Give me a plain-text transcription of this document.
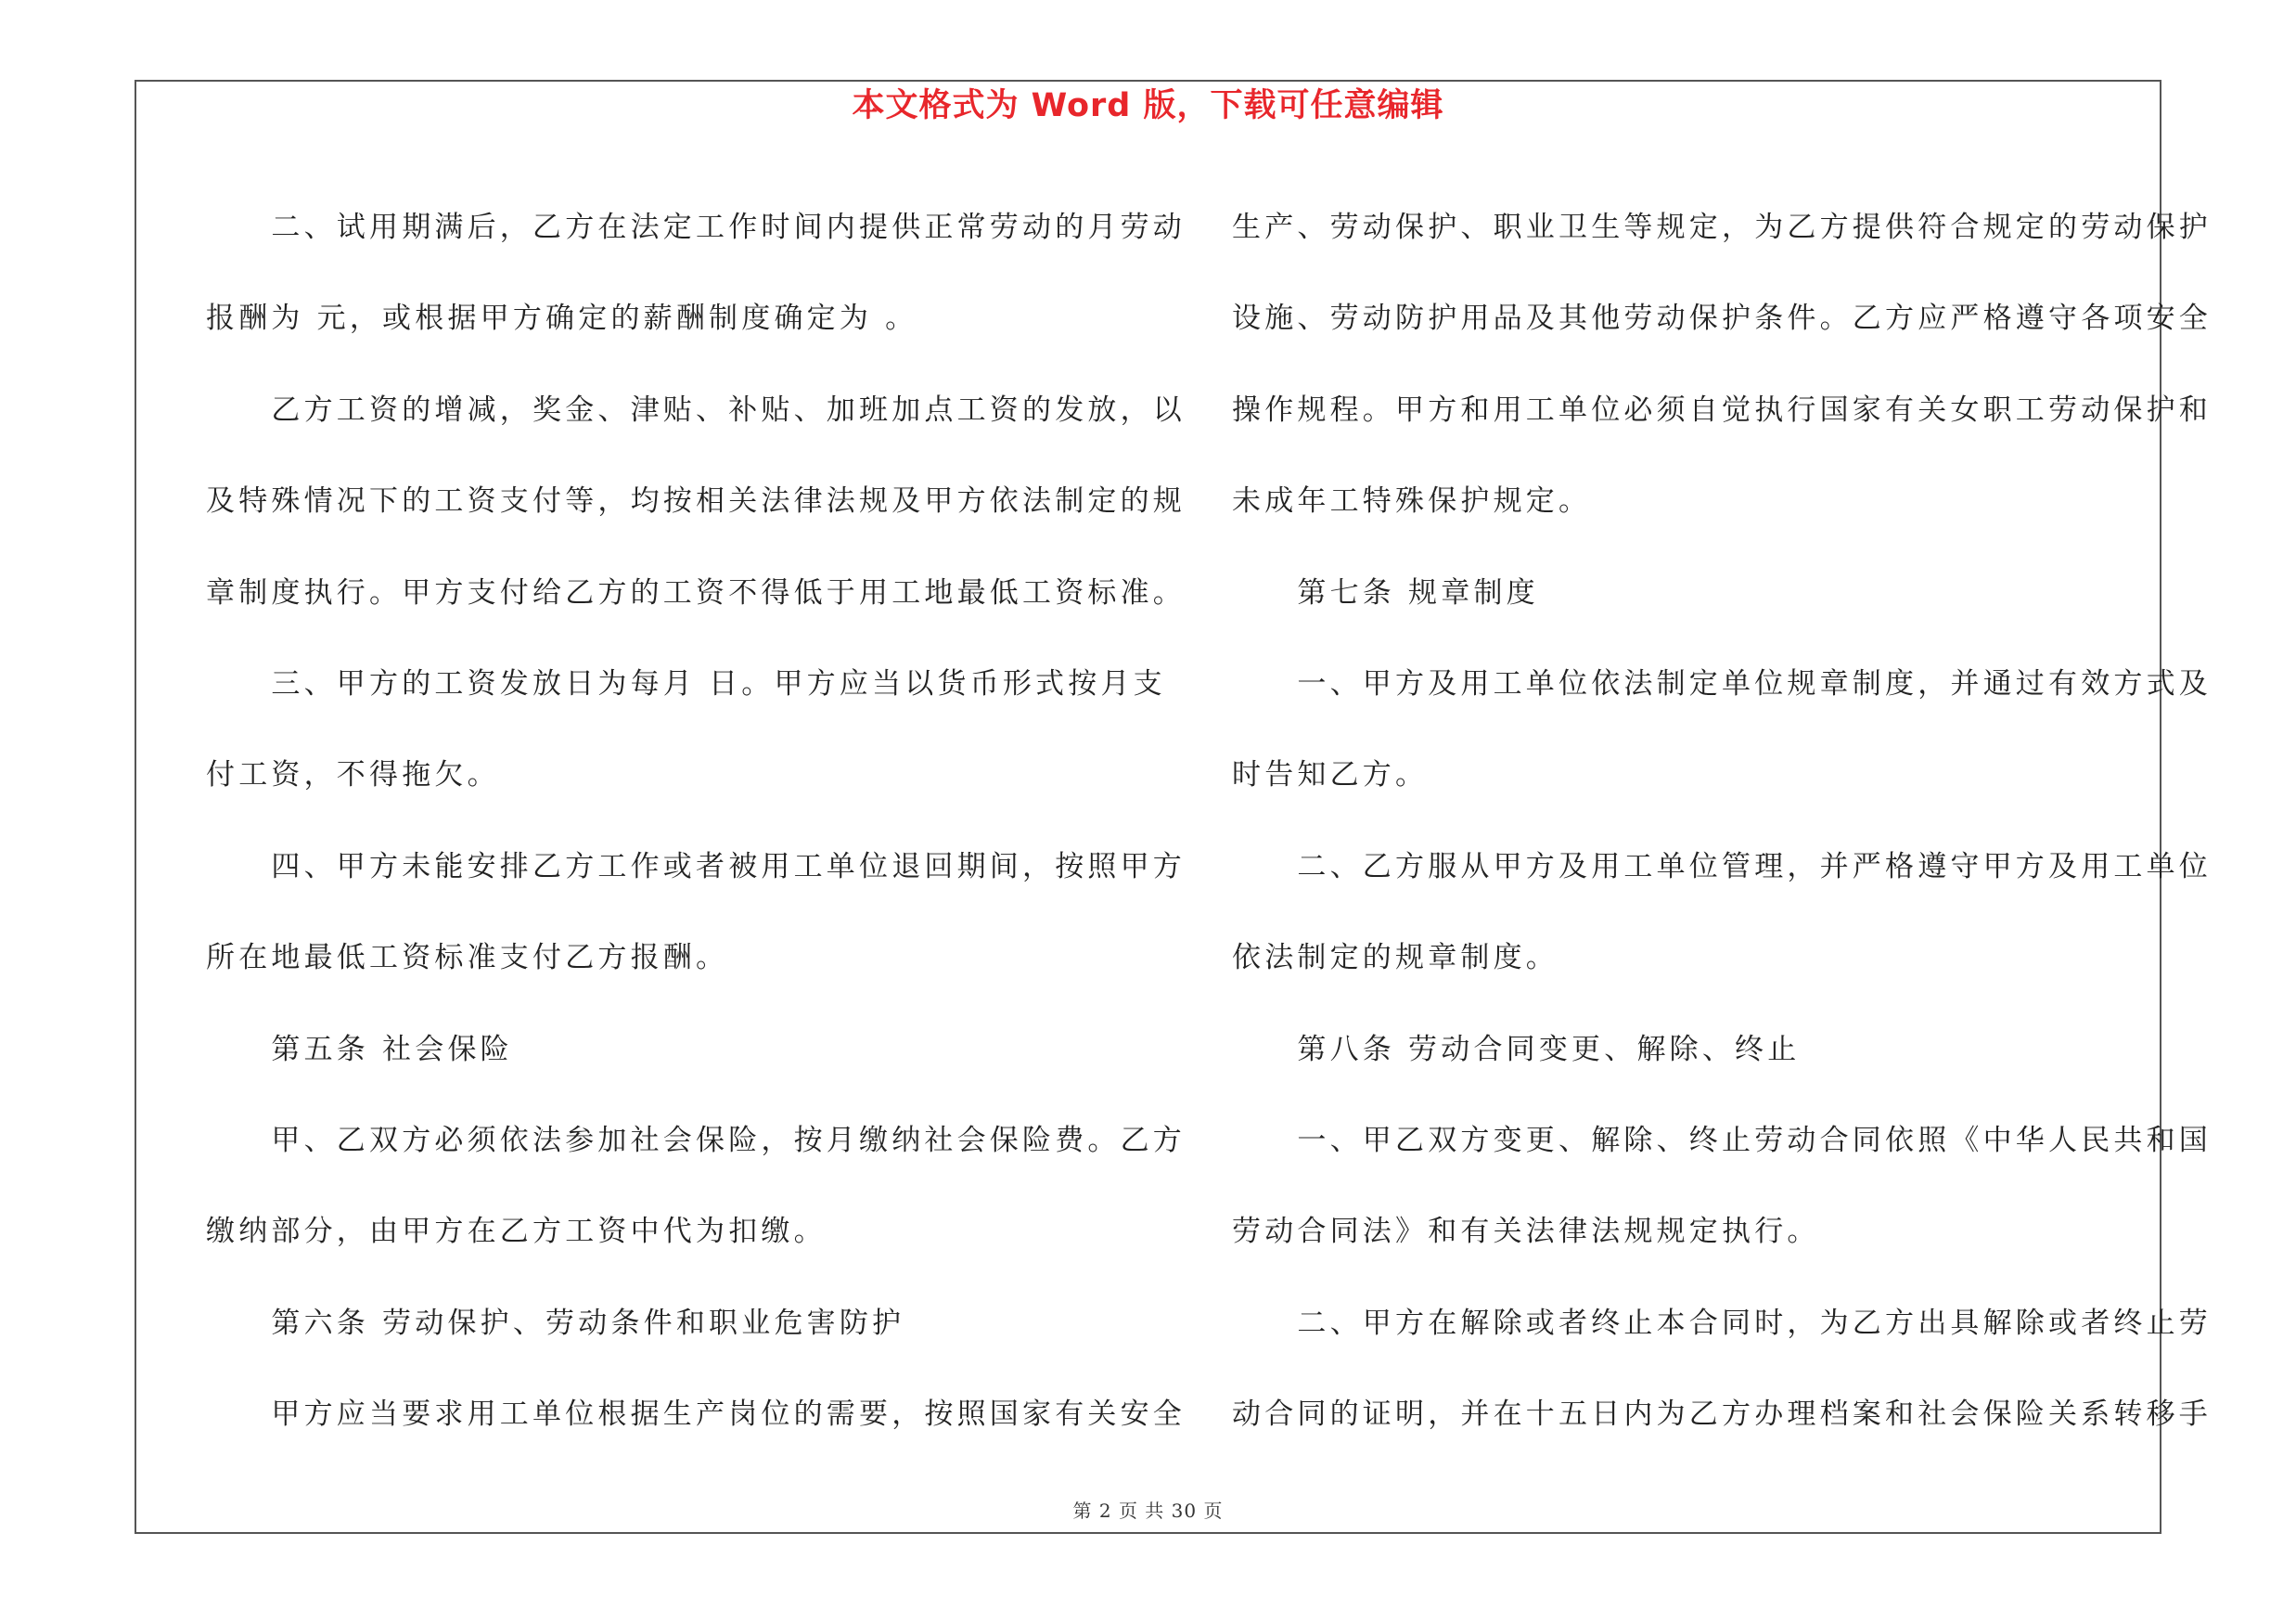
本文格式为 Word 版，下载可任意编辑

　　二、试用期满后，乙方在法定工作时间内提供正常劳动的月劳动

报酬为 元，或根据甲方确定的薪酬制度确定为 。

　　乙方工资的增减，奖金、津贴、补贴、加班加点工资的发放，以

及特殊情况下的工资支付等，均按相关法律法规及甲方依法制定的规

章制度执行。甲方支付给乙方的工资不得低于用工地最低工资标准。

　　三、甲方的工资发放日为每月 日。甲方应当以货币形式按月支

付工资，不得拖欠。

　　四、甲方未能安排乙方工作或者被用工单位退回期间，按照甲方

所在地最低工资标准支付乙方报酬。

　　第五条 社会保险

　　甲、乙双方必须依法参加社会保险，按月缴纳社会保险费。乙方

缴纳部分，由甲方在乙方工资中代为扣缴。

　　第六条 劳动保护、劳动条件和职业危害防护

　　甲方应当要求用工单位根据生产岗位的需要，按照国家有关安全

生产、劳动保护、职业卫生等规定，为乙方提供符合规定的劳动保护

设施、劳动防护用品及其他劳动保护条件。乙方应严格遵守各项安全

操作规程。甲方和用工单位必须自觉执行国家有关女职工劳动保护和

未成年工特殊保护规定。

　　第七条 规章制度

　　一、甲方及用工单位依法制定单位规章制度，并通过有效方式及

时告知乙方。

　　二、乙方服从甲方及用工单位管理，并严格遵守甲方及用工单位

依法制定的规章制度。

　　第八条 劳动合同变更、解除、终止

　　一、甲乙双方变更、解除、终止劳动合同依照《中华人民共和国

劳动合同法》和有关法律法规规定执行。

　　二、甲方在解除或者终止本合同时，为乙方出具解除或者终止劳

动合同的证明，并在十五日内为乙方办理档案和社会保险关系转移手

第 2 页 共 30 页
